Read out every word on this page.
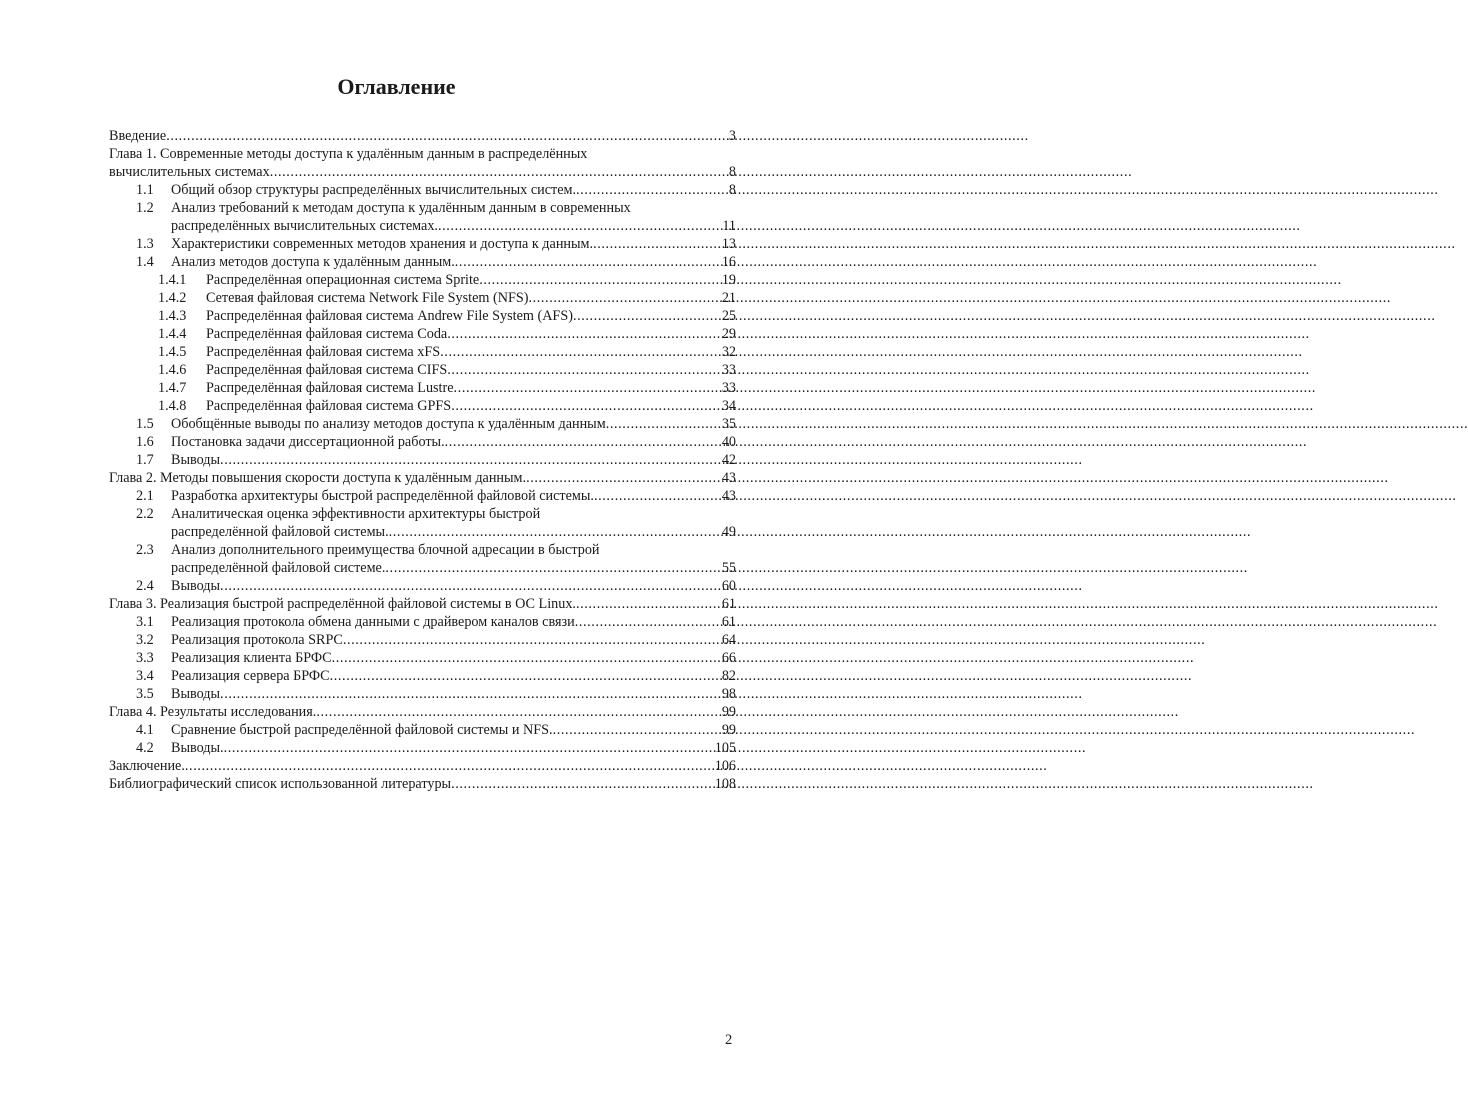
Оглавление
Введение .....	3
Глава 1. Современные методы доступа к удалённым данным в распределённых
вычислительных системах .....	8
1.1	Общий обзор структуры распределённых вычислительных систем. .....	8
1.2	Анализ требований к методам доступа к удалённым данным в современных
распределённых вычислительных системах. .....	11
1.3	Характеристики современных методов хранения и доступа к данным. .....	13
1.4	Анализ методов доступа к удалённым данным. .....	16
1.4.1	Распределённая операционная система Sprite .....	19
1.4.2	Сетевая файловая система Network File System (NFS) .....	21
1.4.3	Распределённая файловая система Andrew File System (AFS) .....	25
1.4.4	Распределённая файловая система Coda .....	29
1.4.5	Распределённая файловая система xFS .....	32
1.4.6	Распределённая файловая система CIFS .....	33
1.4.7	Распределённая файловая система Lustre .....	33
1.4.8	Распределённая файловая система GPFS .....	34
1.5	Обобщённые выводы по анализу методов доступа к удалённым данным .....	35
1.6	Постановка задачи диссертационной работы. .....	40
1.7	Выводы .....	42
Глава 2. Методы повышения скорости доступа к удалённым данным. .....	43
2.1	Разработка архитектуры быстрой распределённой файловой системы. .....	43
2.2	Аналитическая оценка эффективности архитектуры быстрой
распределённой файловой системы. .....	49
2.3	Анализ дополнительного преимущества блочной адресации в быстрой
распределённой файловой системе. .....	55
2.4	Выводы .....	60
Глава 3. Реализация быстрой распределённой файловой системы в ОС Linux. .....	61
3.1	Реализация протокола обмена данными с драйвером каналов связи .....	61
3.2	Реализация протокола SRPC .....	64
3.3	Реализация клиента БРФС .....	66
3.4	Реализация сервера БРФС .....	82
3.5	Выводы .....	98
Глава 4. Результаты исследования. .....	99
4.1	Сравнение быстрой распределённой файловой системы и NFS. .....	99
4.2	Выводы. .....	105
Заключение. .....	106
Библиографический список использованной литературы .....	108
2
